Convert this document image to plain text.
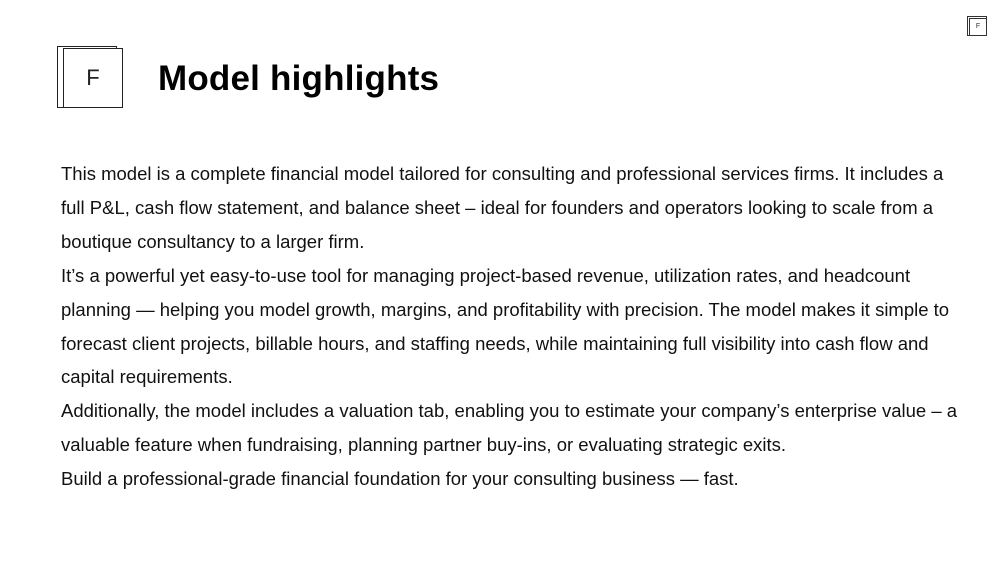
F
F	Model highlights

This model is a complete financial model tailored for consulting and professional services firms. It includes a full P&L, cash flow statement, and balance sheet – ideal for founders and operators looking to scale from a boutique consultancy to a larger firm.

It’s a powerful yet easy-to-use tool for managing project-based revenue, utilization rates, and headcount planning — helping you model growth, margins, and profitability with precision. The model makes it simple to forecast client projects, billable hours, and staffing needs, while maintaining full visibility into cash flow and capital requirements.

Additionally, the model includes a valuation tab, enabling you to estimate your company’s enterprise value – a valuable feature when fundraising, planning partner buy-ins, or evaluating strategic exits.

Build a professional-grade financial foundation for your consulting business — fast.
